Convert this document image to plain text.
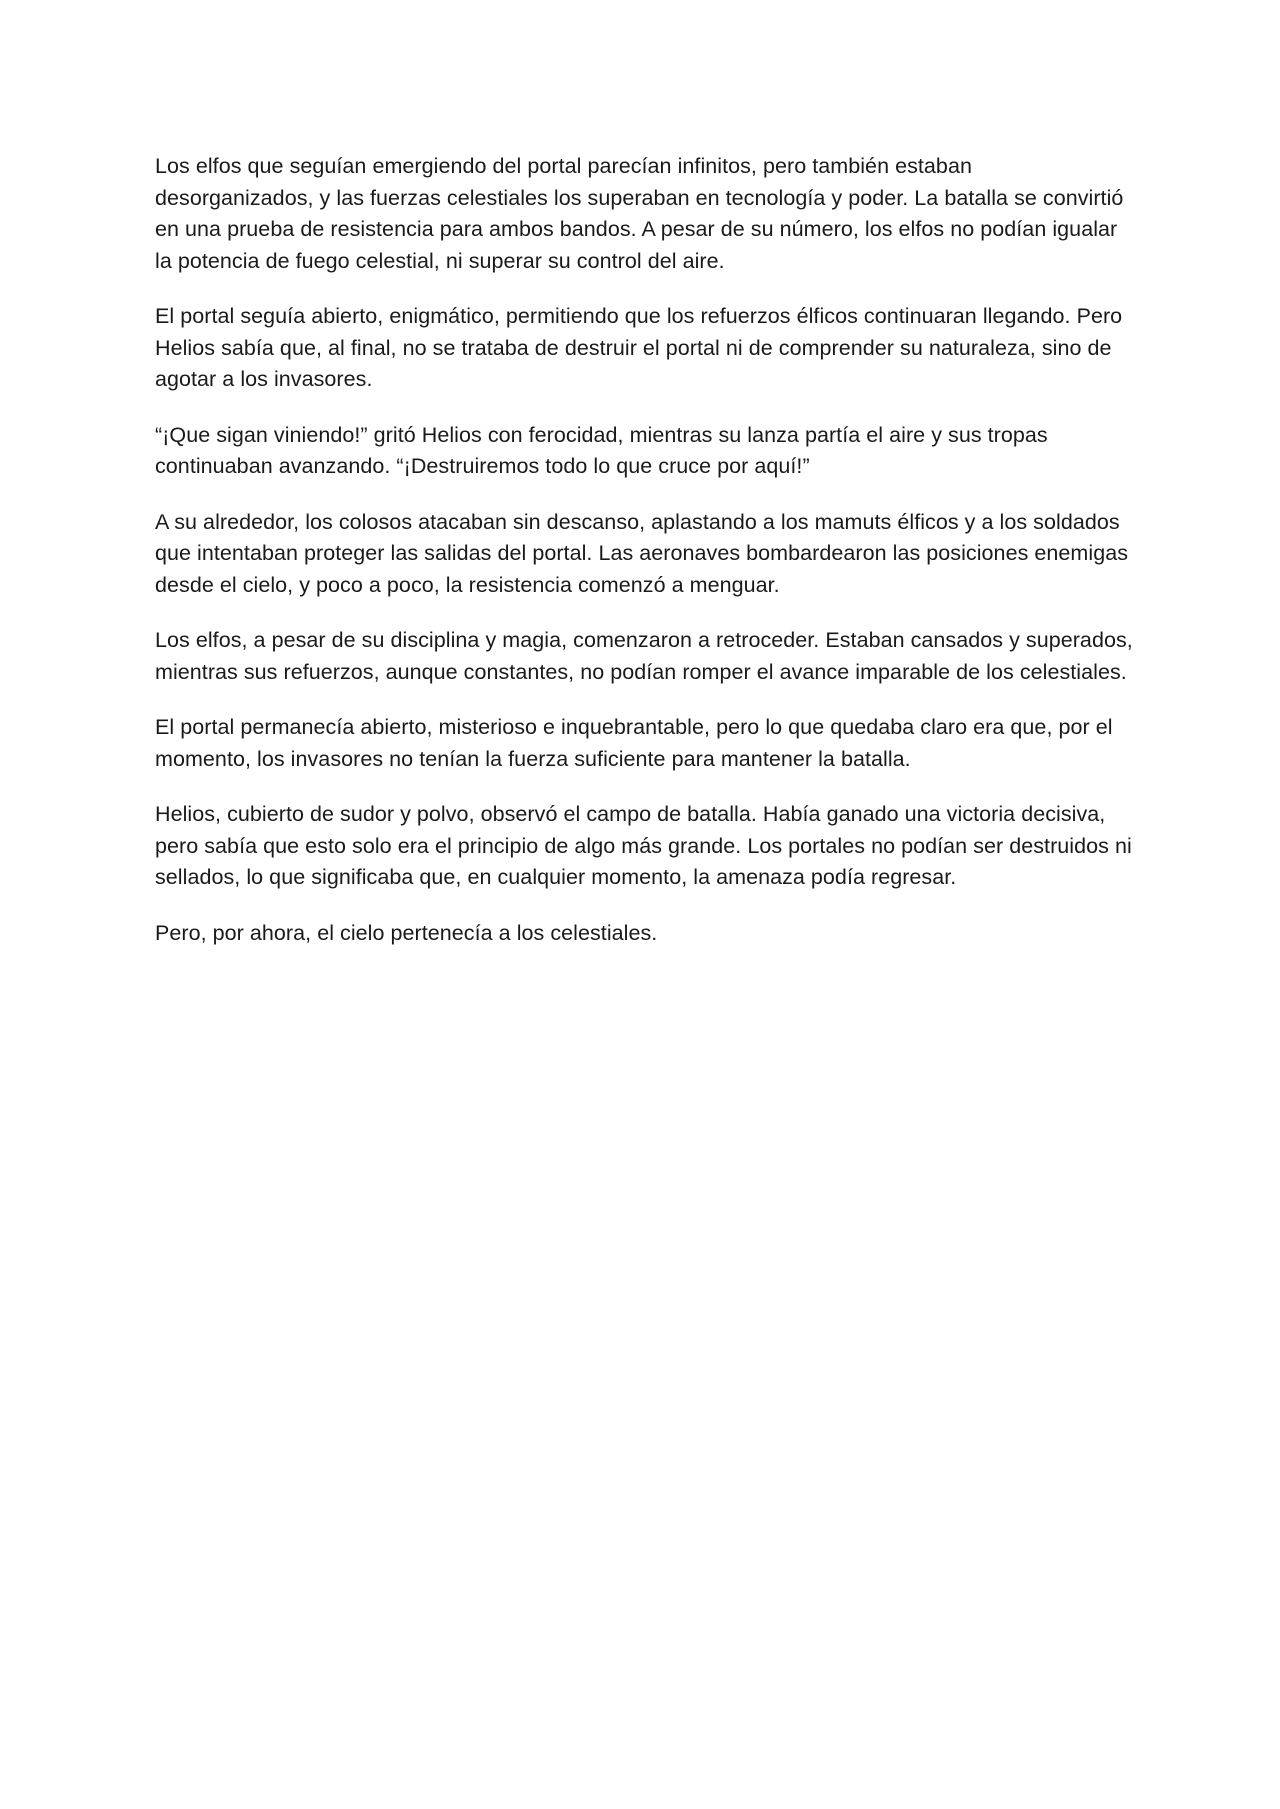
Los elfos que seguían emergiendo del portal parecían infinitos, pero también estaban desorganizados, y las fuerzas celestiales los superaban en tecnología y poder. La batalla se convirtió en una prueba de resistencia para ambos bandos. A pesar de su número, los elfos no podían igualar la potencia de fuego celestial, ni superar su control del aire.

El portal seguía abierto, enigmático, permitiendo que los refuerzos élficos continuaran llegando. Pero Helios sabía que, al final, no se trataba de destruir el portal ni de comprender su naturaleza, sino de agotar a los invasores.

“¡Que sigan viniendo!” gritó Helios con ferocidad, mientras su lanza partía el aire y sus tropas continuaban avanzando. “¡Destruiremos todo lo que cruce por aquí!”

A su alrededor, los colosos atacaban sin descanso, aplastando a los mamuts élficos y a los soldados que intentaban proteger las salidas del portal. Las aeronaves bombardearon las posiciones enemigas desde el cielo, y poco a poco, la resistencia comenzó a menguar.

Los elfos, a pesar de su disciplina y magia, comenzaron a retroceder. Estaban cansados y superados, mientras sus refuerzos, aunque constantes, no podían romper el avance imparable de los celestiales.

El portal permanecía abierto, misterioso e inquebrantable, pero lo que quedaba claro era que, por el momento, los invasores no tenían la fuerza suficiente para mantener la batalla.

Helios, cubierto de sudor y polvo, observó el campo de batalla. Había ganado una victoria decisiva, pero sabía que esto solo era el principio de algo más grande. Los portales no podían ser destruidos ni sellados, lo que significaba que, en cualquier momento, la amenaza podía regresar.

Pero, por ahora, el cielo pertenecía a los celestiales.
